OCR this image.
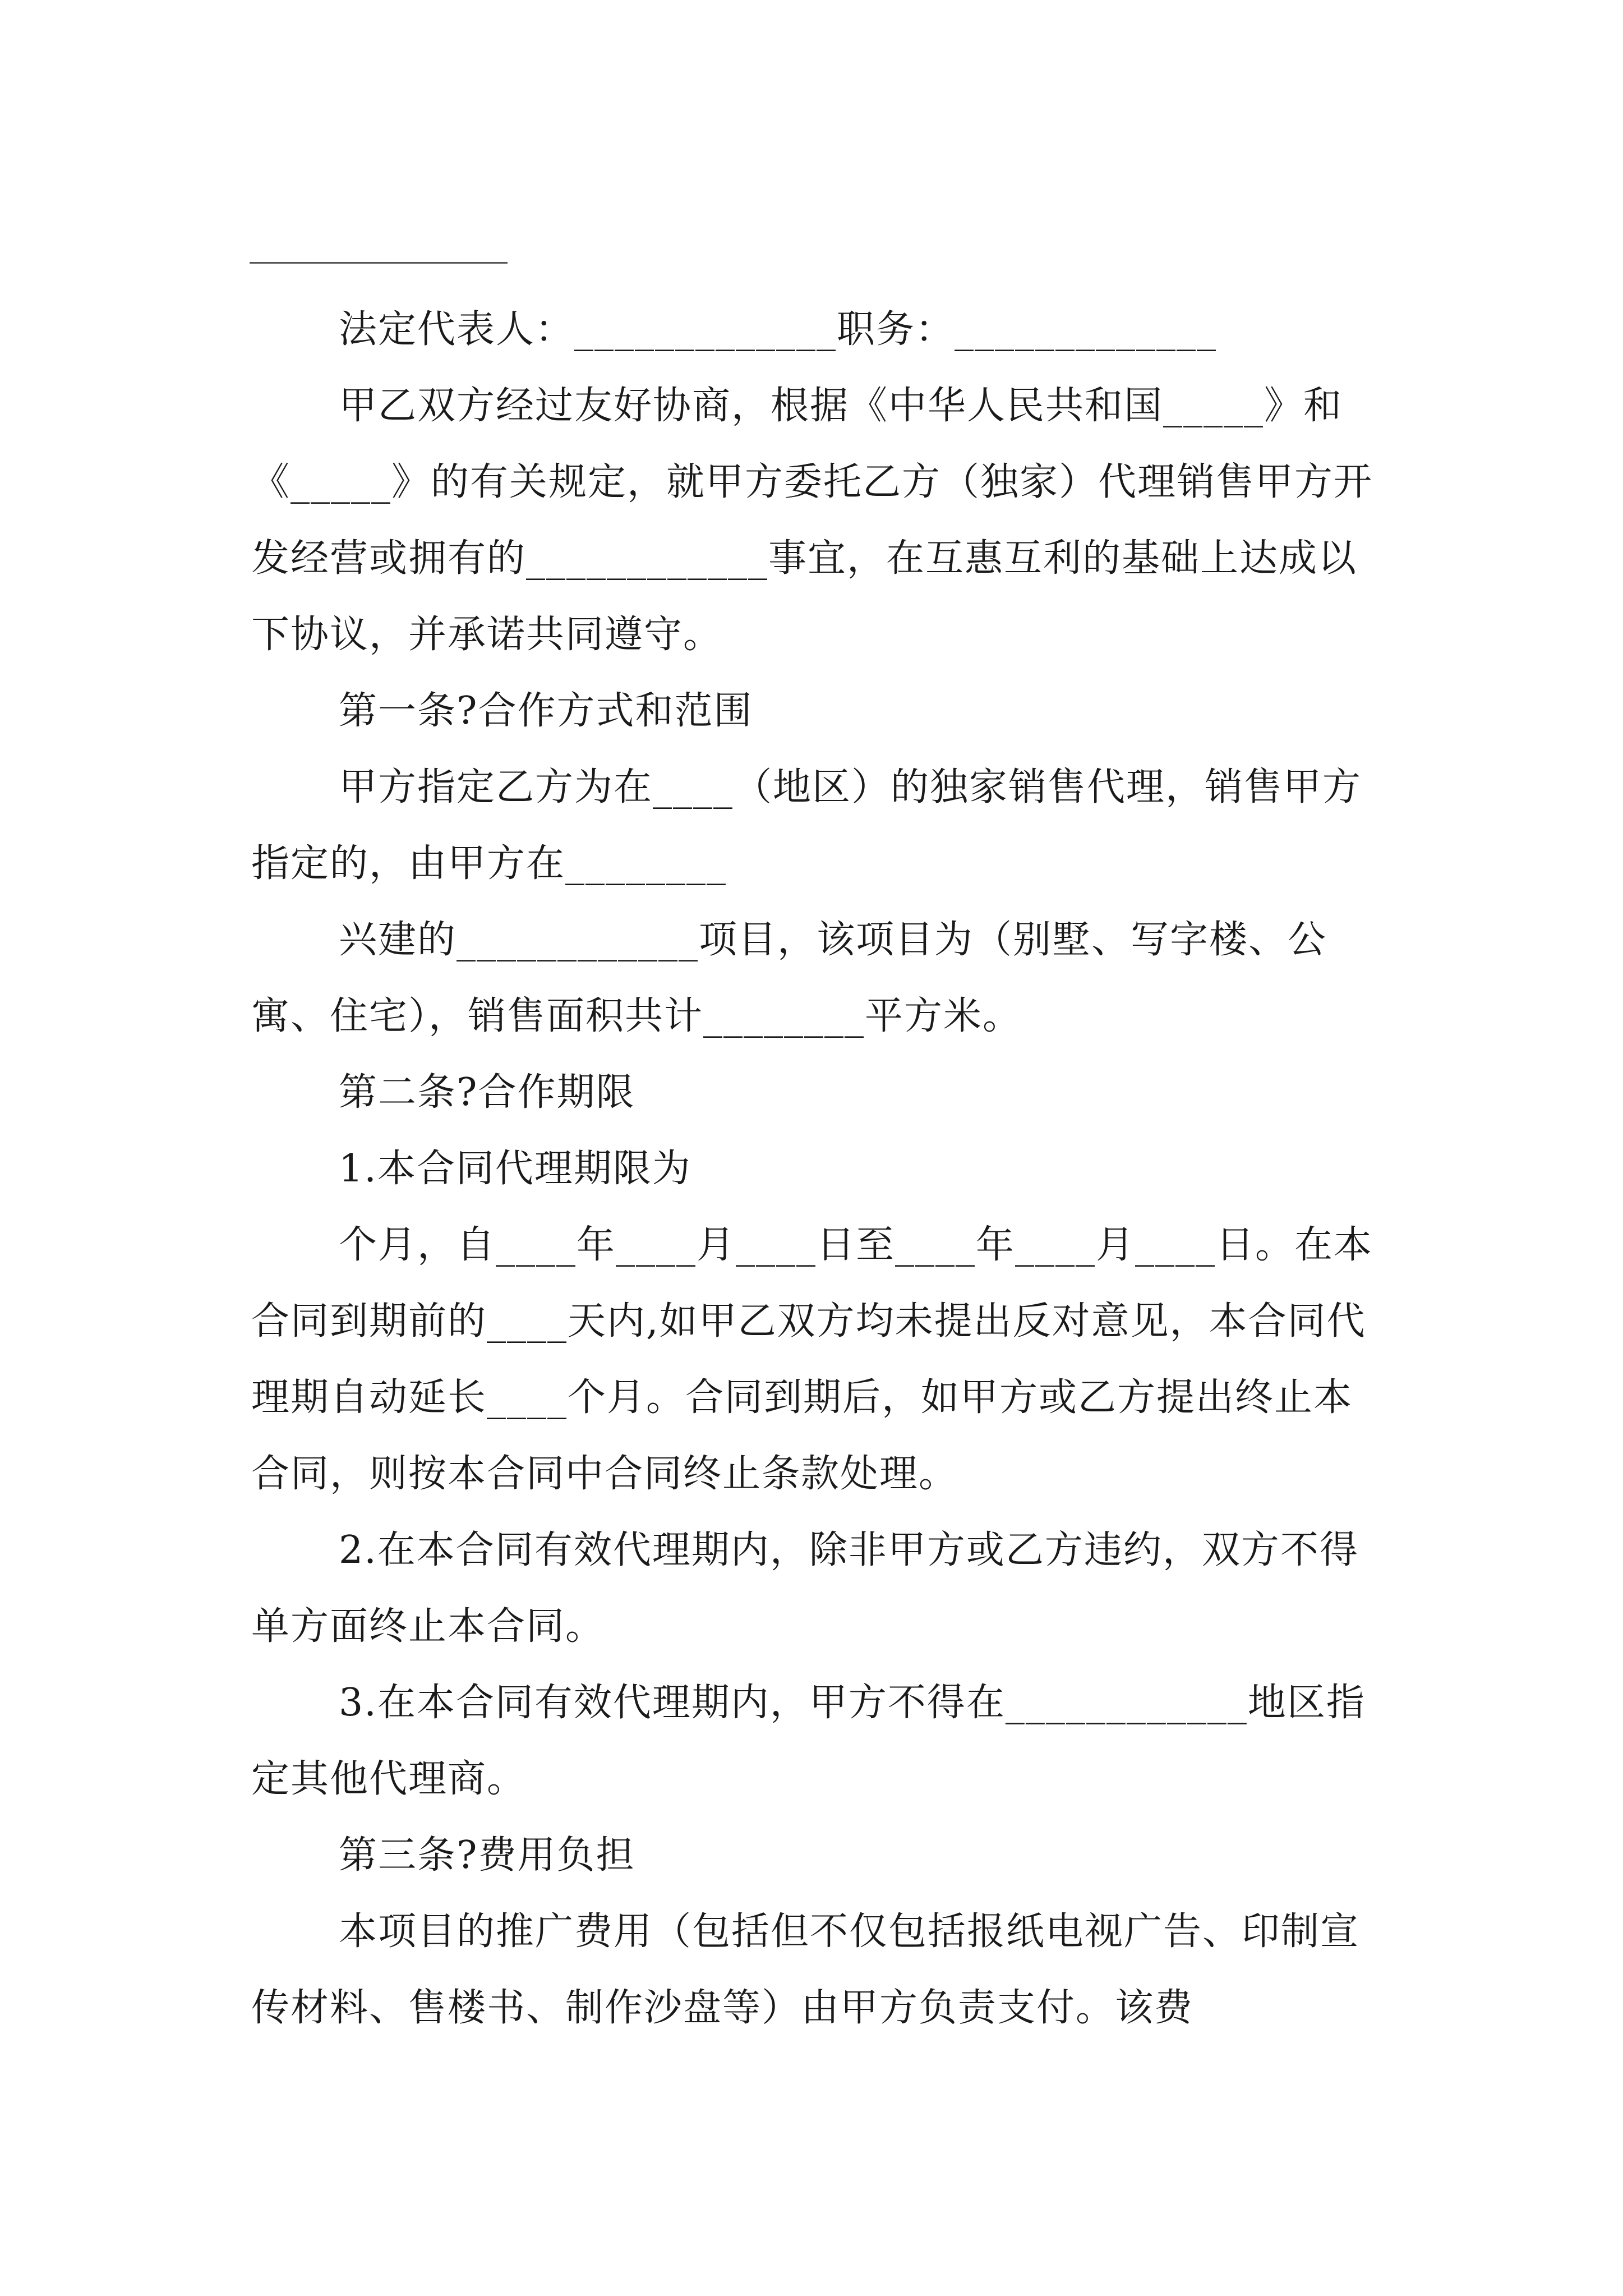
法定代表人：_____________职务：_____________

甲乙双方经过友好协商，根据《中华人民共和国_____》和《_____》的有关规定，就甲方委托乙方（独家）代理销售甲方开发经营或拥有的____________事宜，在互惠互利的基础上达成以下协议，并承诺共同遵守。

第一条?合作方式和范围

甲方指定乙方为在____（地区）的独家销售代理，销售甲方指定的，由甲方在________

兴建的____________项目，该项目为（别墅、写字楼、公寓、住宅），销售面积共计________平方米。

第二条?合作期限

1.本合同代理期限为

个月，自____年____月____日至____年____月____日。在本合同到期前的____天内,如甲乙双方均未提出反对意见，本合同代理期自动延长____个月。合同到期后，如甲方或乙方提出终止本合同，则按本合同中合同终止条款处理。

2.在本合同有效代理期内，除非甲方或乙方违约，双方不得单方面终止本合同。

3.在本合同有效代理期内，甲方不得在____________地区指定其他代理商。

第三条?费用负担

本项目的推广费用（包括但不仅包括报纸电视广告、印制宣传材料、售楼书、制作沙盘等）由甲方负责支付。该费
